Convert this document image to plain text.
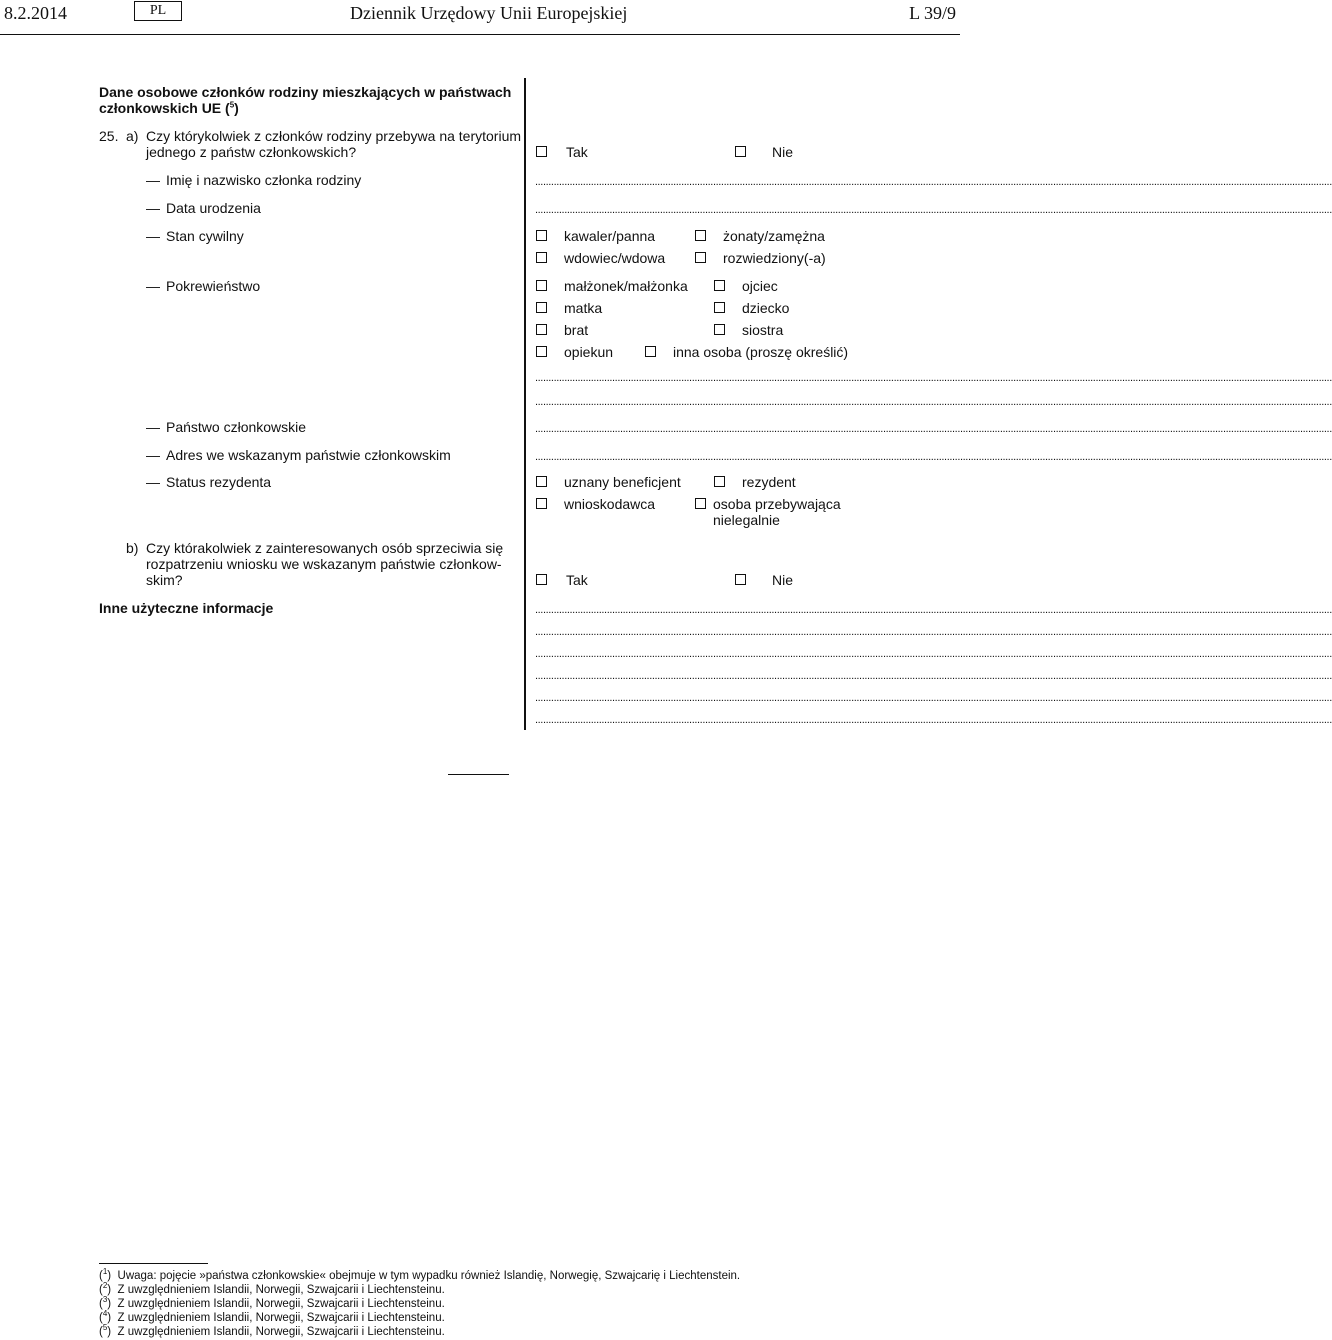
8.2.2014	PL	Dziennik Urzędowy Unii Europejskiej	L 39/9
Dane osobowe członków rodziny mieszkających w państwach
członkowskich UE ($^5$)
25. a) Czy którykolwiek z członków rodziny przebywa na terytorium
jednego z państw członkowskich?	Tak	Nie
— Imię i nazwisko członka rodziny	............................................................................................................................................................................................................................................................................................................
— Data urodzenia	............................................................................................................................................................................................................................................................................................................
— Stan cywilny	kawaler/panna	żonaty/zamężna
wdowiec/wdowa	rozwiedziony(-a)
— Pokrewieństwo	małżonek/małżonka	ojciec
matka	dziecko
brat	siostra
opiekun	inna osoba (proszę określić)
............................................................................................................................................................................................................................................................................................................
............................................................................................................................................................................................................................................................................................................
— Państwo członkowskie	............................................................................................................................................................................................................................................................................................................
— Adres we wskazanym państwie członkowskim	............................................................................................................................................................................................................................................................................................................
— Status rezydenta	uznany beneficjent	rezydent
wnioskodawca	osoba przebywająca
nielegalnie
b) Czy którakolwiek z zainteresowanych osób sprzeciwia się
rozpatrzeniu wniosku we wskazanym państwie członkow-
skim?	Tak	Nie
Inne użyteczne informacje	............................................................................................................................................................................................................................................................................................................
............................................................................................................................................................................................................................................................................................................
............................................................................................................................................................................................................................................................................................................
............................................................................................................................................................................................................................................................................................................
............................................................................................................................................................................................................................................................................................................
............................................................................................................................................................................................................................................................................................................
($^1$) Uwaga: pojęcie »państwa członkowskie« obejmuje w tym wypadku również Islandię, Norwegię, Szwajcarię i Liechtenstein.
($^2$) Z uwzględnieniem Islandii, Norwegii, Szwajcarii i Liechtensteinu.
($^3$) Z uwzględnieniem Islandii, Norwegii, Szwajcarii i Liechtensteinu.
($^4$) Z uwzględnieniem Islandii, Norwegii, Szwajcarii i Liechtensteinu.
($^5$) Z uwzględnieniem Islandii, Norwegii, Szwajcarii i Liechtensteinu.
